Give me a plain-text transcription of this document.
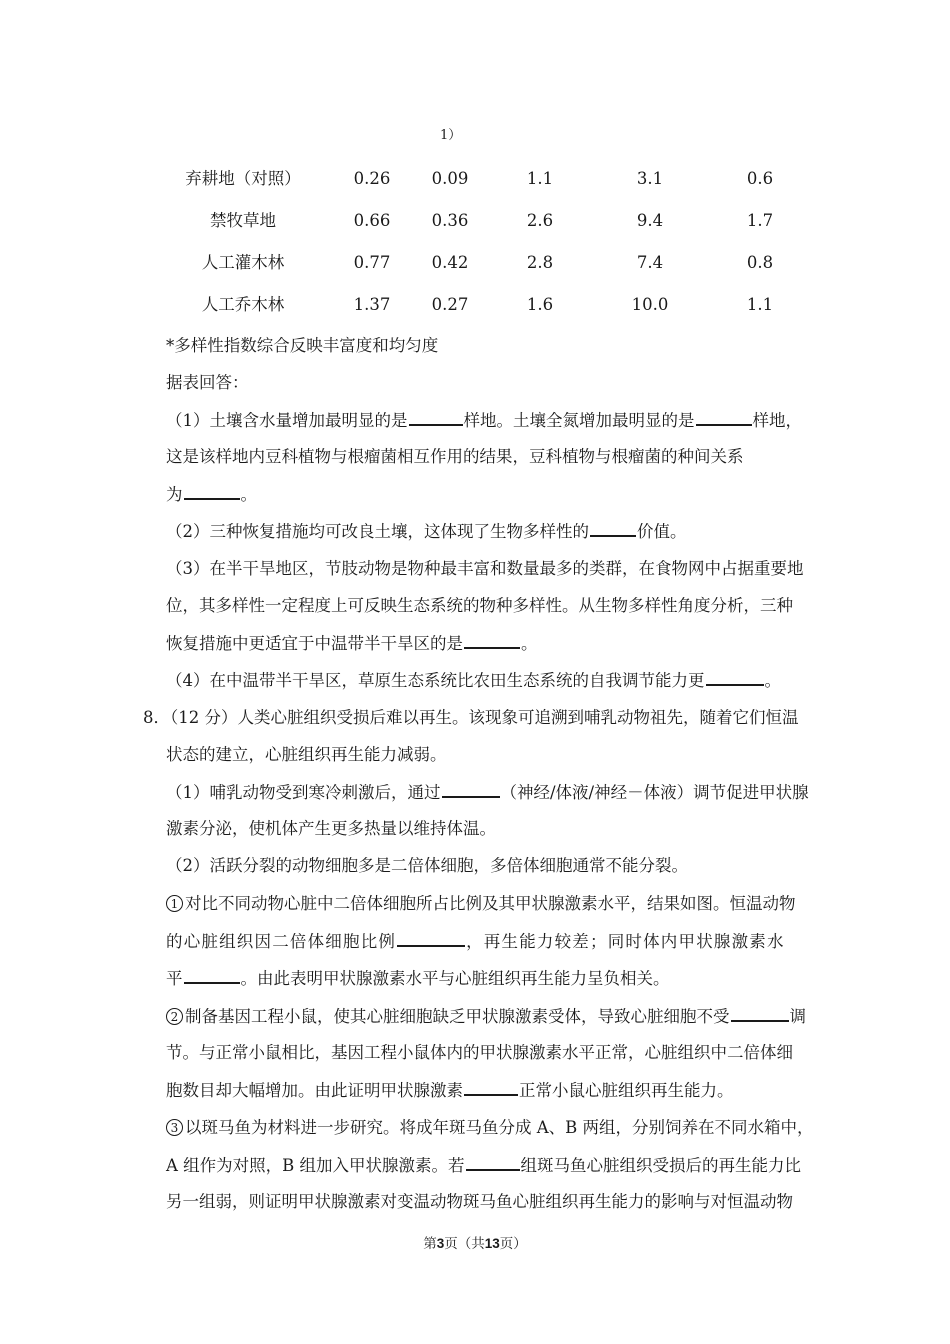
1）
弃耕地（对照）	0.26	0.09	1.1	3.1	0.6
禁牧草地	0.66	0.36	2.6	9.4	1.7
人工灌木林	0.77	0.42	2.8	7.4	0.8
人工乔木林	1.37	0.27	1.6	10.0	1.1
*多样性指数综合反映丰富度和均匀度
据表回答：
（1）土壤含水量增加最明显的是	样地。土壤全氮增加最明显的是	样地，
这是该样地内豆科植物与根瘤菌相互作用的结果，豆科植物与根瘤菌的种间关系
为	。
（2）三种恢复措施均可改良土壤，这体现了生物多样性的	价值。
（3）在半干旱地区，节肢动物是物种最丰富和数量最多的类群，在食物网中占据重要地
位，其多样性一定程度上可反映生态系统的物种多样性。从生物多样性角度分析，三种
恢复措施中更适宜于中温带半干旱区的是	。
（4）在中温带半干旱区，草原生态系统比农田生态系统的自我调节能力更	。
8．（12 分）人类心脏组织受损后难以再生。该现象可追溯到哺乳动物祖先，随着它们恒温
状态的建立，心脏组织再生能力减弱。
（1）哺乳动物受到寒冷刺激后，通过	（神经/体液/神经－体液）调节促进甲状腺
激素分泌，使机体产生更多热量以维持体温。
（2）活跃分裂的动物细胞多是二倍体细胞，多倍体细胞通常不能分裂。
1 对比不同动物心脏中二倍体细胞所占比例及其甲状腺激素水平，结果如图。恒温动物
的心脏组织因二倍体细胞比例	，再生能力较差；同时体内甲状腺激素水
平	。由此表明甲状腺激素水平与心脏组织再生能力呈负相关。
2 制备基因工程小鼠，使其心脏细胞缺乏甲状腺激素受体，导致心脏细胞不受	调
节。与正常小鼠相比，基因工程小鼠体内的甲状腺激素水平正常，心脏组织中二倍体细
胞数目却大幅增加。由此证明甲状腺激素	正常小鼠心脏组织再生能力。
3 以斑马鱼为材料进一步研究。将成年斑马鱼分成 A、B 两组，分别饲养在不同水箱中，
A 组作为对照，B 组加入甲状腺激素。若	组斑马鱼心脏组织受损后的再生能力比
另一组弱，则证明甲状腺激素对变温动物斑马鱼心脏组织再生能力的影响与对恒温动物
第3页（共13页）
